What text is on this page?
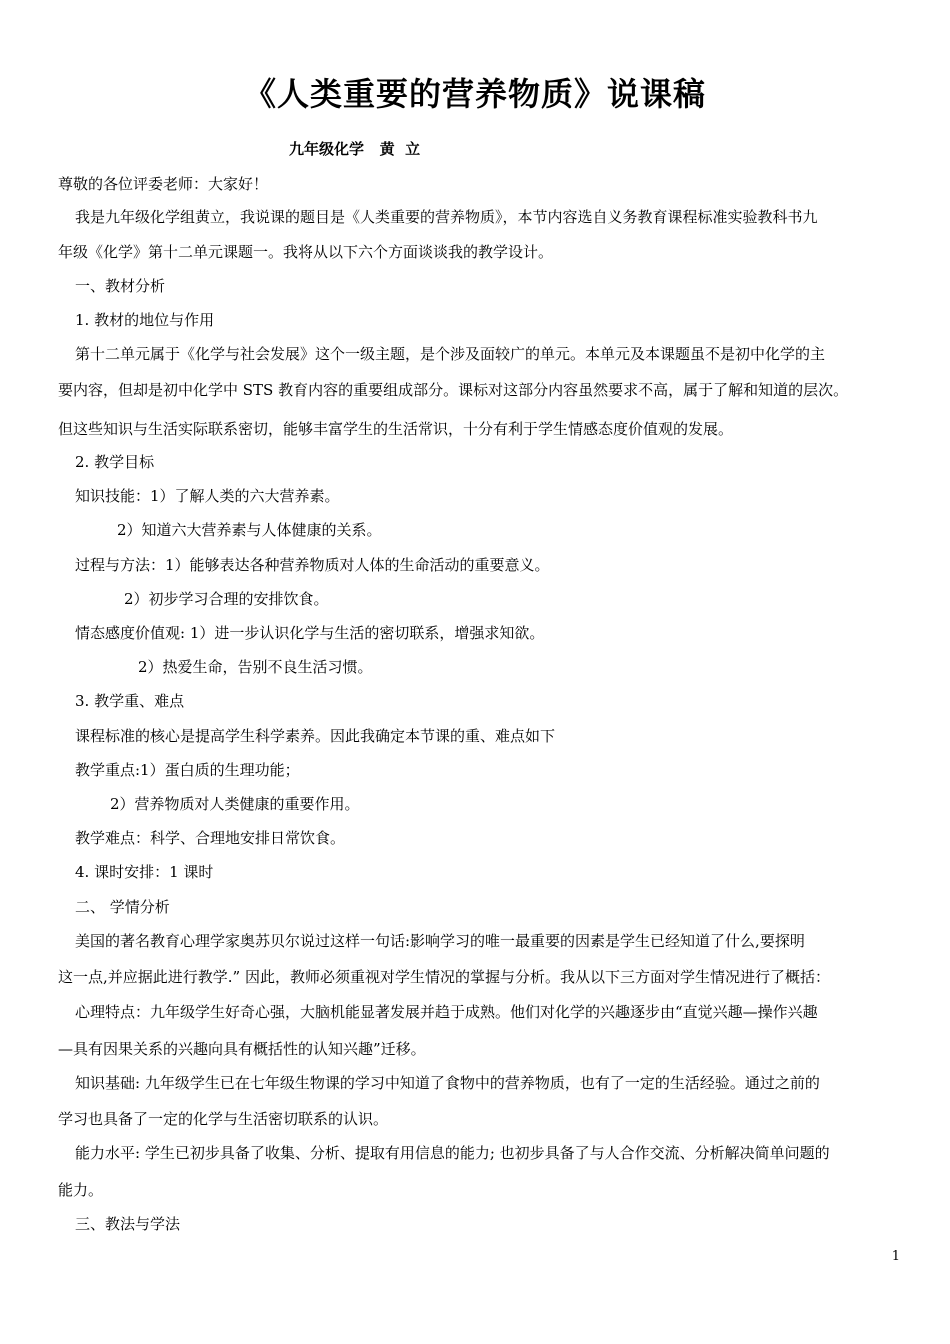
《人类重要的营养物质》说课稿
九年级化学   黄  立
尊敬的各位评委老师：大家好！
我是九年级化学组黄立，我说课的题目是《人类重要的营养物质》，本节内容选自义务教育课程标准实验教科书九
年级《化学》第十二单元课题一。我将从以下六个方面谈谈我的教学设计。
一、教材分析
1. 教材的地位与作用
第十二单元属于《化学与社会发展》这个一级主题，是个涉及面较广的单元。本单元及本课题虽不是初中化学的主
要内容，但却是初中化学中 STS 教育内容的重要组成部分。课标对这部分内容虽然要求不高，属于了解和知道的层次。
但这些知识与生活实际联系密切，能够丰富学生的生活常识，十分有利于学生情感态度价值观的发展。
2. 教学目标
知识技能：1）了解人类的六大营养素。
2）知道六大营养素与人体健康的关系。
过程与方法：1）能够表达各种营养物质对人体的生命活动的重要意义。
2）初步学习合理的安排饮食。
情态感度价值观: 1）进一步认识化学与生活的密切联系，增强求知欲。
2）热爱生命，告别不良生活习惯。
3. 教学重、难点
课程标准的核心是提高学生科学素养。因此我确定本节课的重、难点如下
教学重点:1）蛋白质的生理功能；
2）营养物质对人类健康的重要作用。
教学难点：科学、合理地安排日常饮食。
4. 课时安排：1 课时
二、 学情分析
美国的著名教育心理学家奥苏贝尔说过这样一句话:影响学习的唯一最重要的因素是学生已经知道了什么,要探明
这一点,并应据此进行教学.” 因此，教师必须重视对学生情况的掌握与分析。我从以下三方面对学生情况进行了概括：
心理特点：九年级学生好奇心强，大脑机能显著发展并趋于成熟。他们对化学的兴趣逐步由“直觉兴趣—操作兴趣
—具有因果关系的兴趣向具有概括性的认知兴趣”迁移。
知识基础: 九年级学生已在七年级生物课的学习中知道了食物中的营养物质，也有了一定的生活经验。通过之前的
学习也具备了一定的化学与生活密切联系的认识。
能力水平: 学生已初步具备了收集、分析、提取有用信息的能力; 也初步具备了与人合作交流、分析解决简单问题的
能力。
三、教法与学法
1
